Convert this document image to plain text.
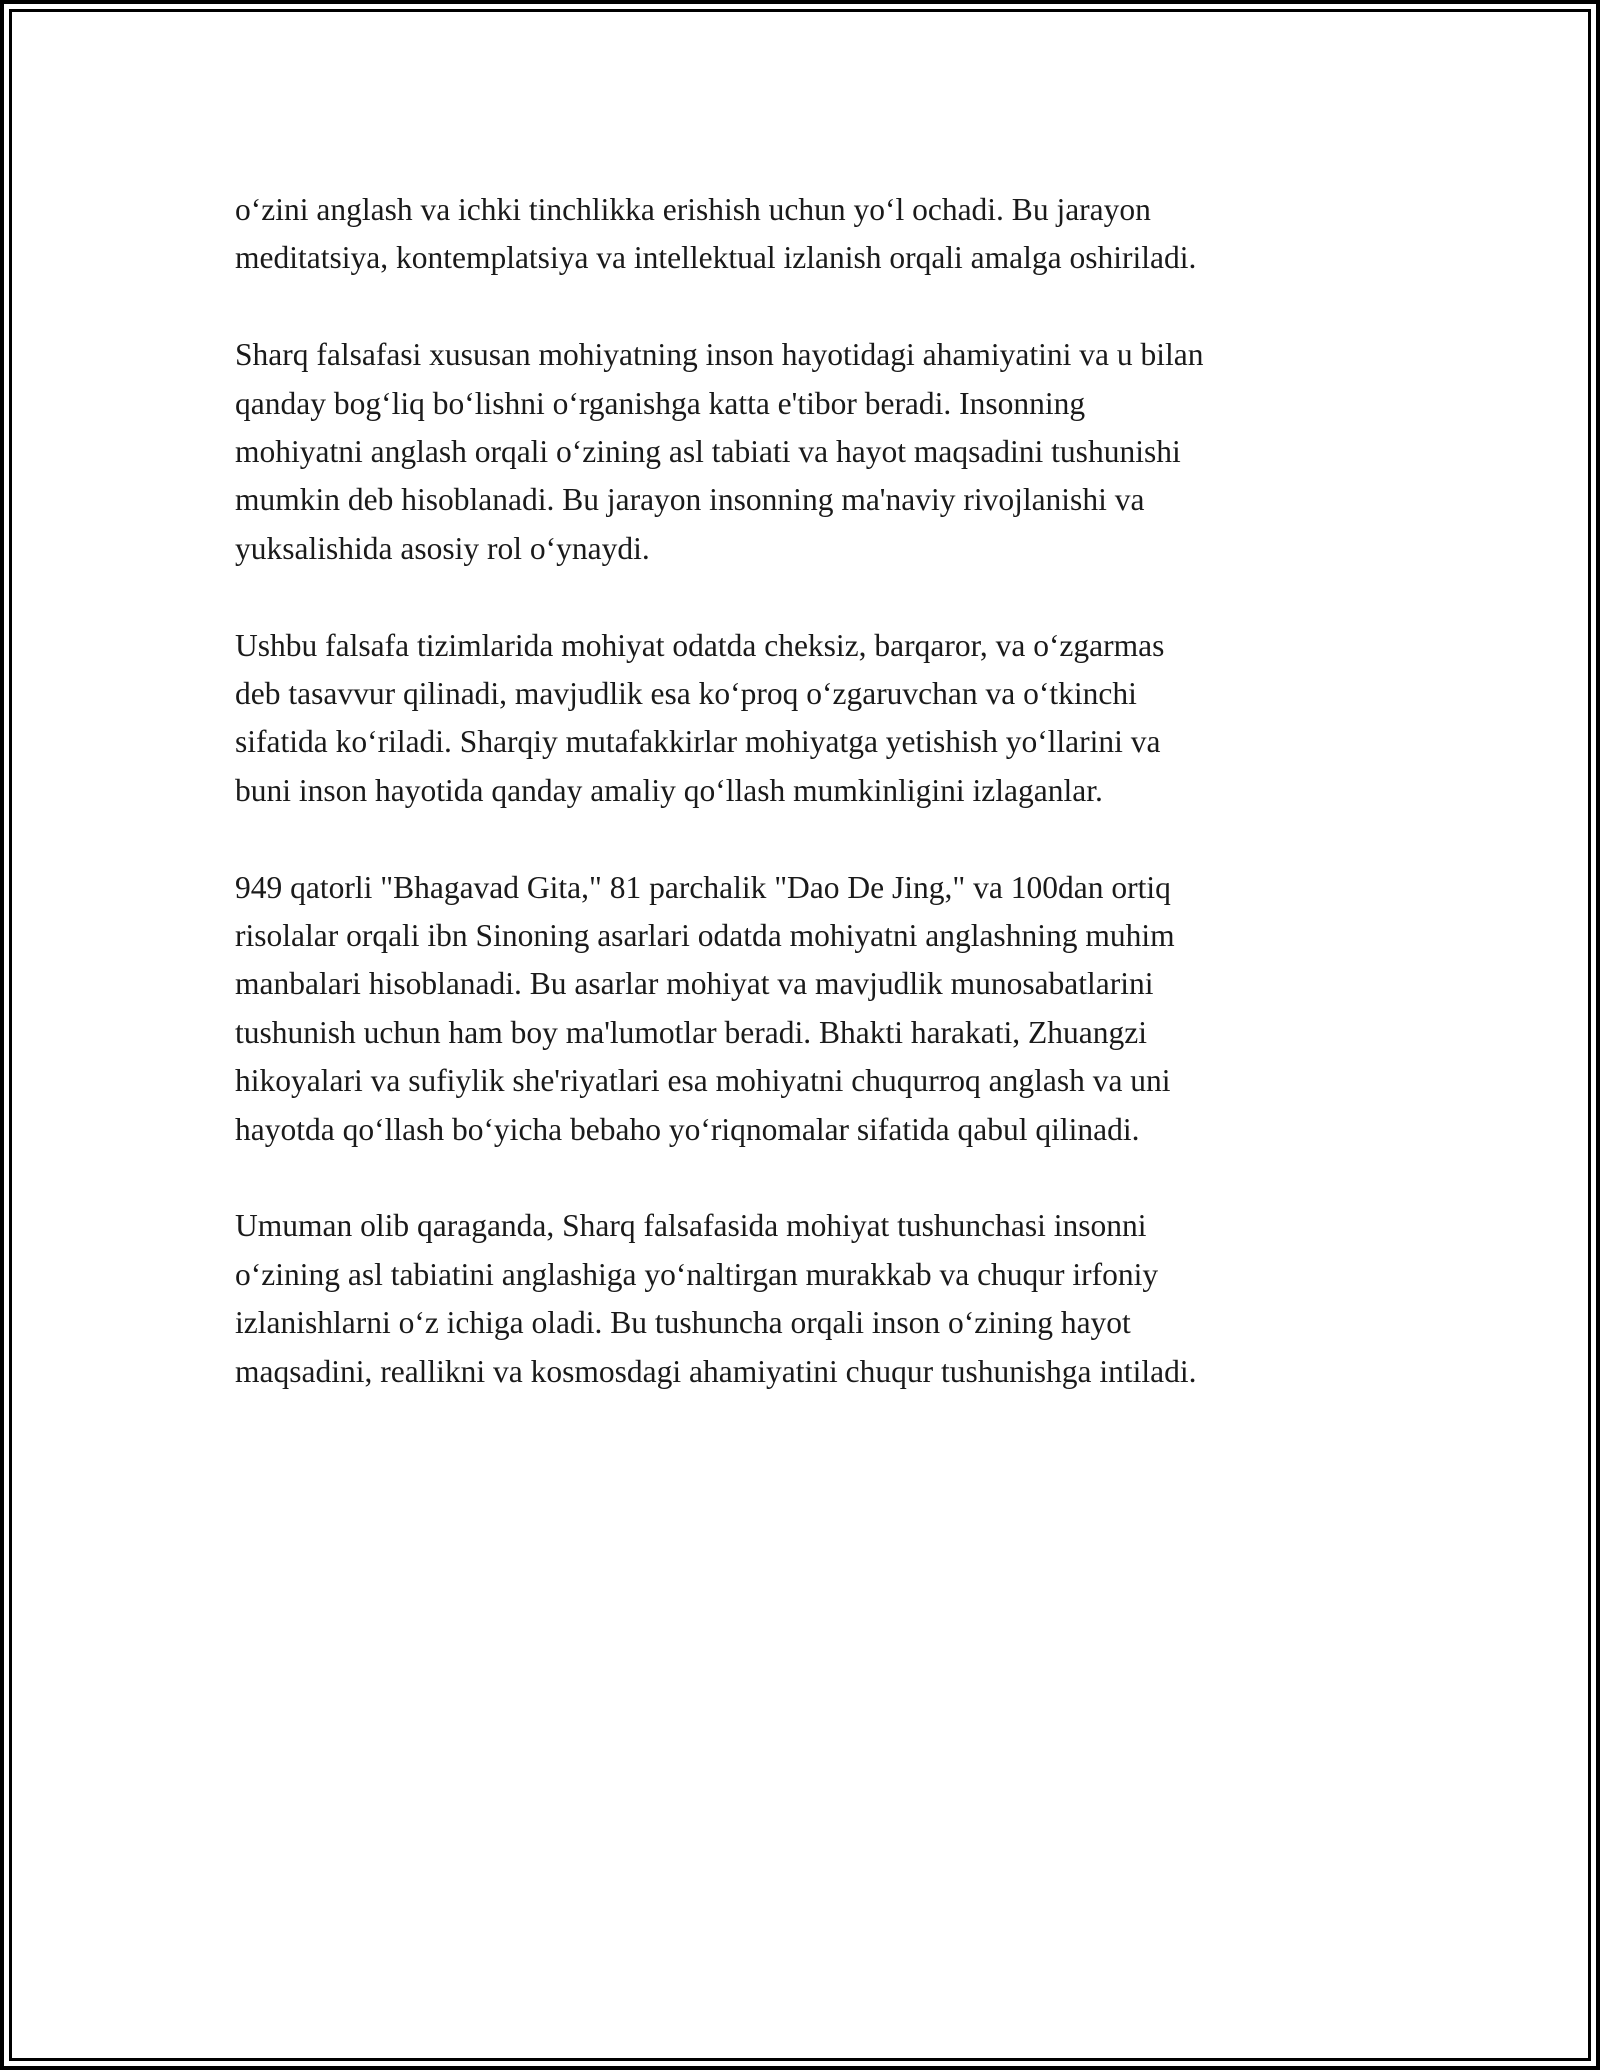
o‘zini anglash va ichki tinchlikka erishish uchun yo‘l ochadi. Bu jarayon
meditatsiya, kontemplatsiya va intellektual izlanish orqali amalga oshiriladi.

Sharq falsafasi xususan mohiyatning inson hayotidagi ahamiyatini va u bilan
qanday bog‘liq bo‘lishni o‘rganishga katta e'tibor beradi. Insonning
mohiyatni anglash orqali o‘zining asl tabiati va hayot maqsadini tushunishi
mumkin deb hisoblanadi. Bu jarayon insonning ma'naviy rivojlanishi va
yuksalishida asosiy rol o‘ynaydi.

Ushbu falsafa tizimlarida mohiyat odatda cheksiz, barqaror, va o‘zgarmas
deb tasavvur qilinadi, mavjudlik esa ko‘proq o‘zgaruvchan va o‘tkinchi
sifatida ko‘riladi. Sharqiy mutafakkirlar mohiyatga yetishish yo‘llarini va
buni inson hayotida qanday amaliy qo‘llash mumkinligini izlaganlar.

949 qatorli "Bhagavad Gita," 81 parchalik "Dao De Jing," va 100dan ortiq
risolalar orqali ibn Sinoning asarlari odatda mohiyatni anglashning muhim
manbalari hisoblanadi. Bu asarlar mohiyat va mavjudlik munosabatlarini
tushunish uchun ham boy ma'lumotlar beradi. Bhakti harakati, Zhuangzi
hikoyalari va sufiylik she'riyatlari esa mohiyatni chuqurroq anglash va uni
hayotda qo‘llash bo‘yicha bebaho yo‘riqnomalar sifatida qabul qilinadi.

Umuman olib qaraganda, Sharq falsafasida mohiyat tushunchasi insonni
o‘zining asl tabiatini anglashiga yo‘naltirgan murakkab va chuqur irfoniy
izlanishlarni o‘z ichiga oladi. Bu tushuncha orqali inson o‘zining hayot
maqsadini, reallikni va kosmosdagi ahamiyatini chuqur tushunishga intiladi.
